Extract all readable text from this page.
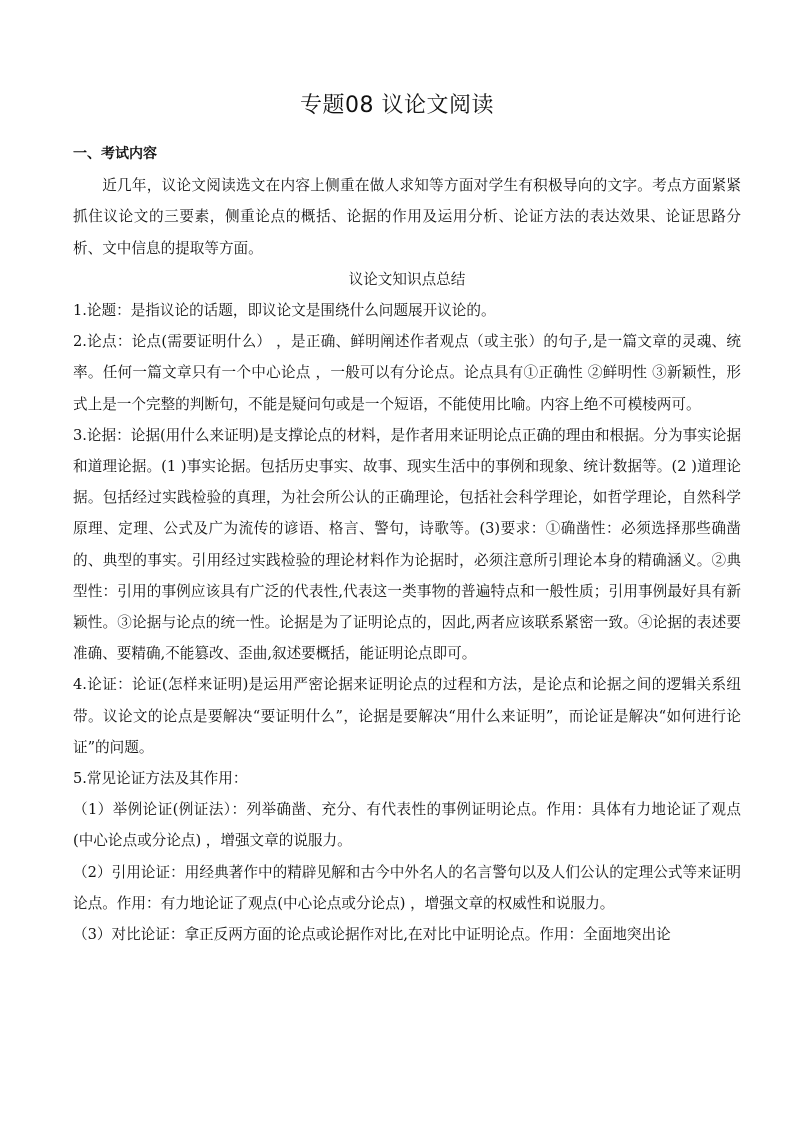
专题08 议论文阅读

一、考试内容

近几年，议论文阅读选文在内容上侧重在做人求知等方面对学生有积极导向的文字。考点方面紧紧抓住议论文的三要素，侧重论点的概括、论据的作用及运用分析、论证方法的表达效果、论证思路分析、文中信息的提取等方面。

议论文知识点总结

1.论题：是指议论的话题，即议论文是围绕什么问题展开议论的。

2.论点：论点(需要证明什么） ，是正确、鲜明阐述作者观点（或主张）的句子,是一篇文章的灵魂、统率。任何一篇文章只有一个中心论点 ，一般可以有分论点。论点具有①正确性 ②鲜明性 ③新颖性，形式上是一个完整的判断句，不能是疑问句或是一个短语，不能使用比喻。内容上绝不可模棱两可。

3.论据：论据(用什么来证明)是支撑论点的材料，是作者用来证明论点正确的理由和根据。分为事实论据和道理论据。(1 )事实论据。包括历史事实、故事、现实生活中的事例和现象、统计数据等。(2 )道理论据。包括经过实践检验的真理，为社会所公认的正确理论，包括社会科学理论，如哲学理论，自然科学原理、定理、公式及广为流传的谚语、格言、警句，诗歌等。(3)要求：①确凿性：必须选择那些确凿的、典型的事实。引用经过实践检验的理论材料作为论据时，必须注意所引理论本身的精确涵义。②典型性：引用的事例应该具有广泛的代表性,代表这一类事物的普遍特点和一般性质；引用事例最好具有新颖性。③论据与论点的统一性。论据是为了证明论点的，因此,两者应该联系紧密一致。④论据的表述要准确、要精确,不能篡改、歪曲,叙述要概括，能证明论点即可。

4.论证：论证(怎样来证明)是运用严密论据来证明论点的过程和方法，是论点和论据之间的逻辑关系纽带。议论文的论点是要解决“要证明什么”，论据是要解决“用什么来证明”，而论证是解决“如何进行论证”的问题。

5.常见论证方法及其作用：

（1）举例论证(例证法）：列举确凿、充分、有代表性的事例证明论点。作用：具体有力地论证了观点(中心论点或分论点) ，增强文章的说服力。

（2）引用论证：用经典著作中的精辟见解和古今中外名人的名言警句以及人们公认的定理公式等来证明论点。作用：有力地论证了观点(中心论点或分论点) ，增强文章的权威性和说服力。

（3）对比论证：拿正反两方面的论点或论据作对比,在对比中证明论点。作用：全面地突出论
